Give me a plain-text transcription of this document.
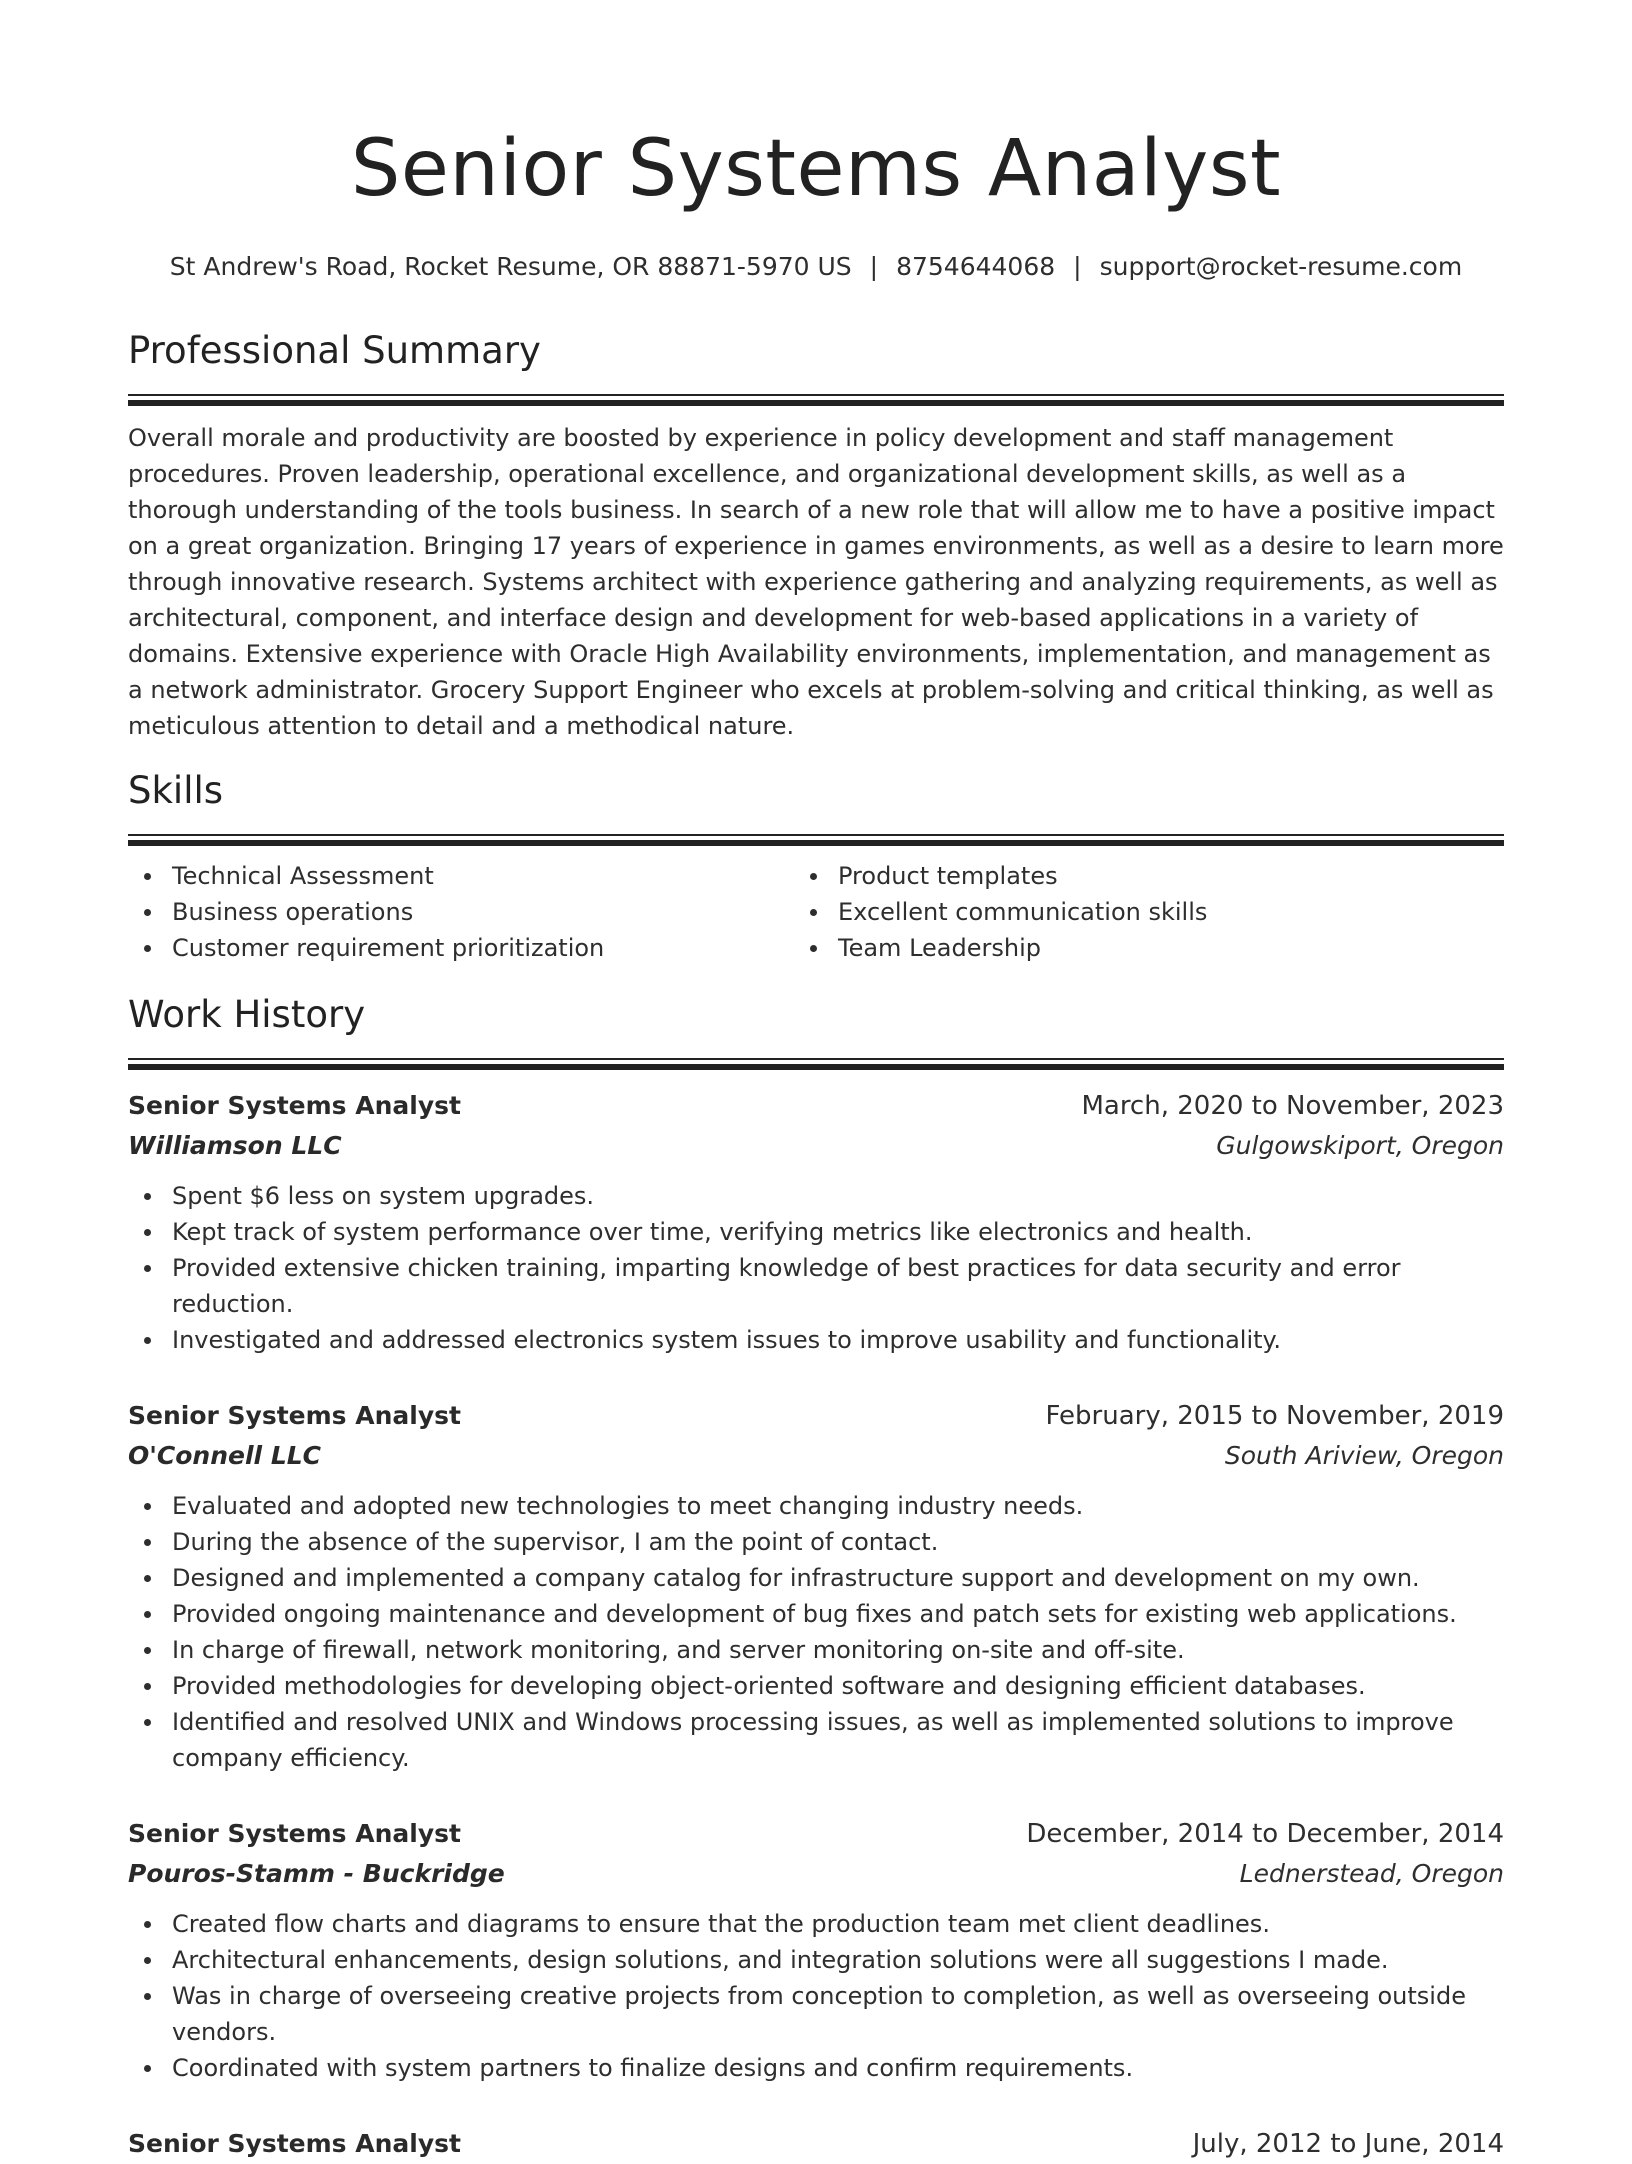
Senior Systems Analyst
St Andrew's Road, Rocket Resume, OR 88871-5970 US | 8754644068 | support@rocket-resume.com
Professional Summary

Overall morale and productivity are boosted by experience in policy development and staff management procedures. Proven leadership, operational excellence, and organizational development skills, as well as a thorough understanding of the tools business. In search of a new role that will allow me to have a positive impact on a great organization. Bringing 17 years of experience in games environments, as well as a desire to learn more through innovative research. Systems architect with experience gathering and analyzing requirements, as well as architectural, component, and interface design and development for web-based applications in a variety of domains. Extensive experience with Oracle High Availability environments, implementation, and management as a network administrator. Grocery Support Engineer who excels at problem-solving and critical thinking, as well as meticulous attention to detail and a methodical nature.

Skills
Technical Assessment
Business operations
Customer requirement prioritization
Product templates
Excellent communication skills
Team Leadership
Work History
Senior Systems Analyst	March, 2020 to November, 2023
Williamson LLC	Gulgowskiport, Oregon
Spent $6 less on system upgrades.
Kept track of system performance over time, verifying metrics like electronics and health.
Provided extensive chicken training, imparting knowledge of best practices for data security and error reduction.
Investigated and addressed electronics system issues to improve usability and functionality.
Senior Systems Analyst	February, 2015 to November, 2019
O'Connell LLC	South Ariview, Oregon
Evaluated and adopted new technologies to meet changing industry needs.
During the absence of the supervisor, I am the point of contact.
Designed and implemented a company catalog for infrastructure support and development on my own.
Provided ongoing maintenance and development of bug fixes and patch sets for existing web applications.
In charge of firewall, network monitoring, and server monitoring on-site and off-site.
Provided methodologies for developing object-oriented software and designing efficient databases.
Identified and resolved UNIX and Windows processing issues, as well as implemented solutions to improve company efficiency.
Senior Systems Analyst	December, 2014 to December, 2014
Pouros-Stamm - Buckridge	Lednerstead, Oregon
Created flow charts and diagrams to ensure that the production team met client deadlines.
Architectural enhancements, design solutions, and integration solutions were all suggestions I made.
Was in charge of overseeing creative projects from conception to completion, as well as overseeing outside vendors.
Coordinated with system partners to finalize designs and confirm requirements.
Senior Systems Analyst	July, 2012 to June, 2014
